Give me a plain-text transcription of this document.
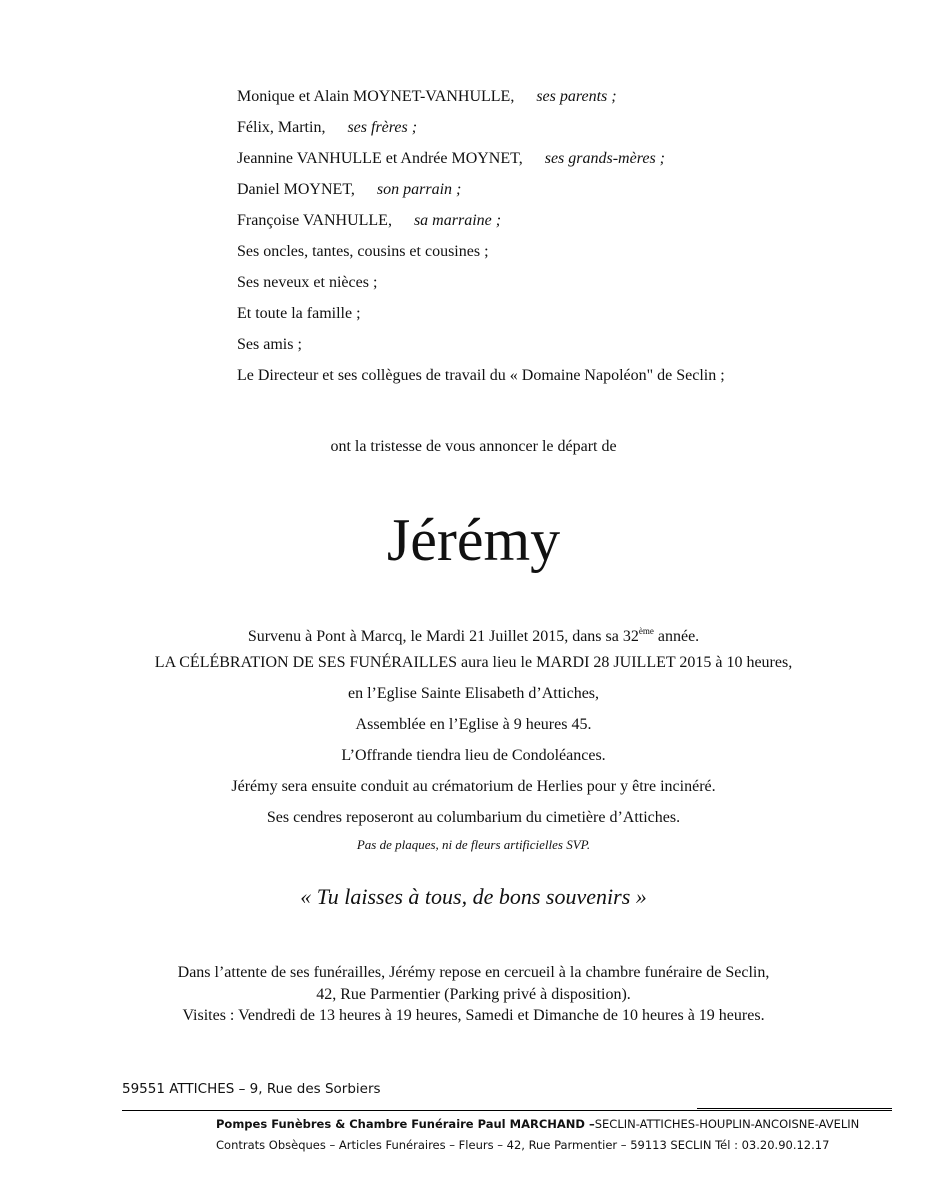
Monique et Alain MOYNET-VANHULLE, ses parents ;
Félix, Martin, ses frères ;
Jeannine VANHULLE et Andrée MOYNET, ses grands-mères ;
Daniel MOYNET, son parrain ;
Françoise VANHULLE, sa marraine ;
Ses oncles, tantes, cousins et cousines ;
Ses neveux et nièces ;
Et toute la famille ;
Ses amis ;
Le Directeur et ses collègues de travail du « Domaine Napoléon" de Seclin ;
ont la tristesse de vous annoncer le départ de
Jérémy
Survenu à Pont à Marcq, le Mardi 21 Juillet 2015, dans sa 32ème année.
LA CÉLÉBRATION DE SES FUNÉRAILLES aura lieu le MARDI 28 JUILLET 2015 à 10 heures,
en l’Eglise Sainte Elisabeth d’Attiches,
Assemblée en l’Eglise à 9 heures 45.
L’Offrande tiendra lieu de Condoléances.
Jérémy sera ensuite conduit au crématorium de Herlies pour y être incinéré.
Ses cendres reposeront au columbarium du cimetière d’Attiches.
Pas de plaques, ni de fleurs artificielles SVP.
« Tu laisses à tous, de bons souvenirs »
Dans l’attente de ses funérailles, Jérémy repose en cercueil à la chambre funéraire de Seclin,
42, Rue Parmentier (Parking privé à disposition).
Visites : Vendredi de 13 heures à 19 heures, Samedi et Dimanche de 10 heures à 19 heures.
59551 ATTICHES – 9, Rue des Sorbiers
Pompes Funèbres & Chambre Funéraire Paul MARCHAND –SECLIN-ATTICHES-HOUPLIN-ANCOISNE-AVELIN
Contrats Obsèques – Articles Funéraires – Fleurs – 42, Rue Parmentier – 59113 SECLIN Tél : 03.20.90.12.17
